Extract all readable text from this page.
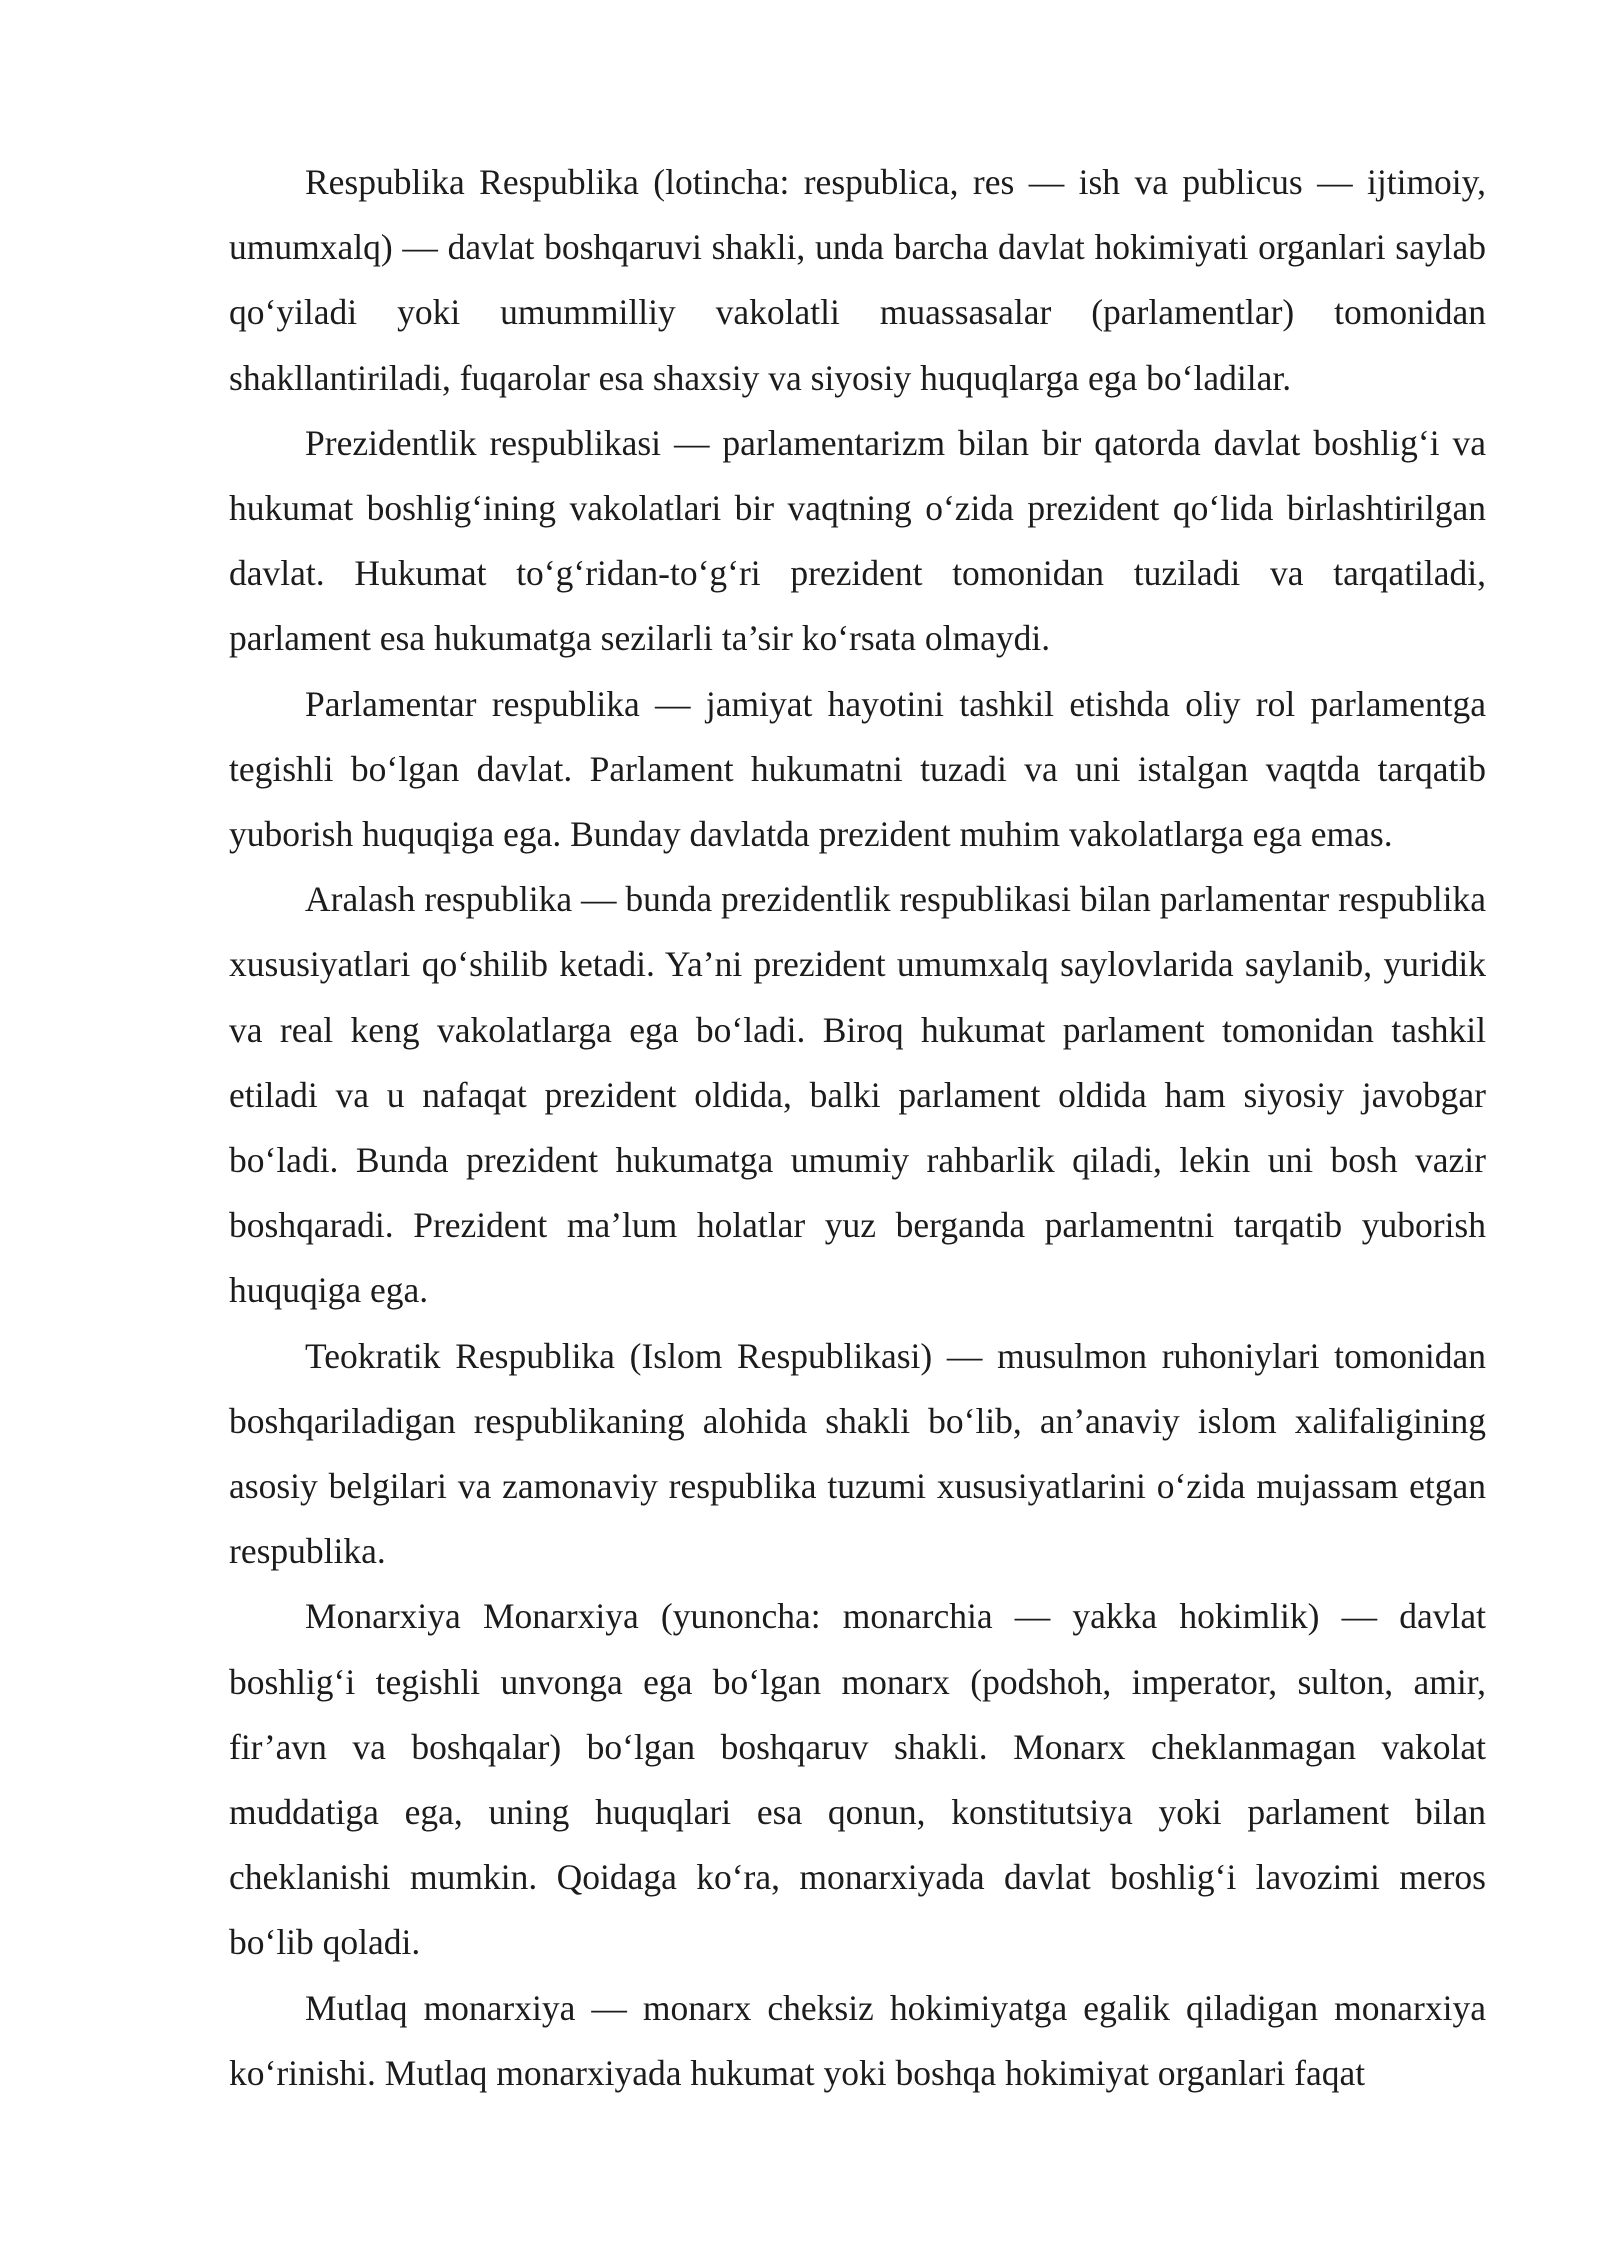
Respublika Respublika (lotincha: respublica, res — ish va publicus — ijtimoiy, umumxalq) — davlat boshqaruvi shakli, unda barcha davlat hokimiyati organlari saylab qo‘yiladi yoki umummilliy vakolatli muassasalar (parlamentlar) tomonidan shakllantiriladi, fuqarolar esa shaxsiy va siyosiy huquqlarga ega bo‘ladilar.

Prezidentlik respublikasi — parlamentarizm bilan bir qatorda davlat boshlig‘i va hukumat boshlig‘ining vakolatlari bir vaqtning o‘zida prezident qo‘lida birlashtirilgan davlat. Hukumat to‘g‘ridan-to‘g‘ri prezident tomonidan tuziladi va tarqatiladi, parlament esa hukumatga sezilarli ta’sir ko‘rsata olmaydi.

Parlamentar respublika — jamiyat hayotini tashkil etishda oliy rol parlamentga tegishli bo‘lgan davlat. Parlament hukumatni tuzadi va uni istalgan vaqtda tarqatib yuborish huquqiga ega. Bunday davlatda prezident muhim vakolatlarga ega emas.

Aralash respublika — bunda prezidentlik respublikasi bilan parlamentar respublika xususiyatlari qo‘shilib ketadi. Ya’ni prezident umumxalq saylovlarida saylanib, yuridik va real keng vakolatlarga ega bo‘ladi. Biroq hukumat parlament tomonidan tashkil etiladi va u nafaqat prezident oldida, balki parlament oldida ham siyosiy javobgar bo‘ladi. Bunda prezident hukumatga umumiy rahbarlik qiladi, lekin uni bosh vazir boshqaradi. Prezident ma’lum holatlar yuz berganda parlamentni tarqatib yuborish huquqiga ega.

Teokratik Respublika (Islom Respublikasi) — musulmon ruhoniylari tomonidan boshqariladigan respublikaning alohida shakli bo‘lib, an’anaviy islom xalifaligining asosiy belgilari va zamonaviy respublika tuzumi xususiyatlarini o‘zida mujassam etgan respublika.

Monarxiya Monarxiya (yunoncha: monarchia — yakka hokimlik) — davlat boshlig‘i tegishli unvonga ega bo‘lgan monarx (podshoh, imperator, sulton, amir, fir’avn va boshqalar) bo‘lgan boshqaruv shakli. Monarx cheklanmagan vakolat muddatiga ega, uning huquqlari esa qonun, konstitutsiya yoki parlament bilan cheklanishi mumkin. Qoidaga ko‘ra, monarxiyada davlat boshlig‘i lavozimi meros bo‘lib qoladi.

Mutlaq monarxiya — monarx cheksiz hokimiyatga egalik qiladigan monarxiya ko‘rinishi. Mutlaq monarxiyada hukumat yoki boshqa hokimiyat organlari faqat
